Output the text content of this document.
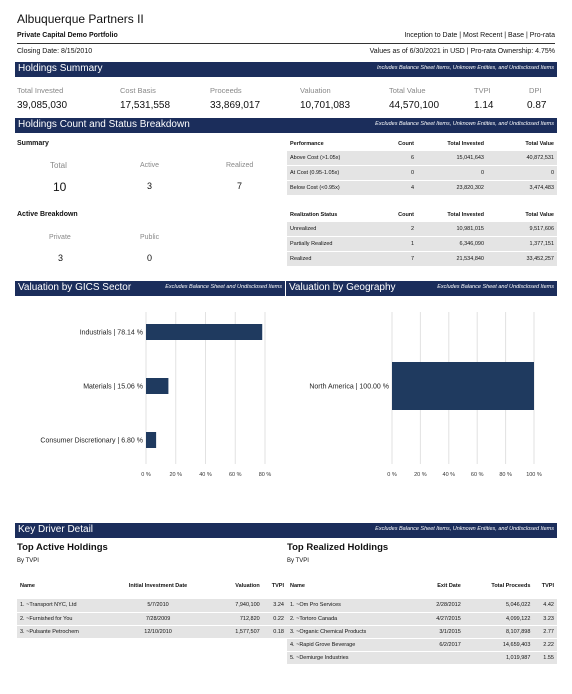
Albuquerque Partners II
Private Capital Demo Portfolio	Inception to Date | Most Recent | Base | Pro-rata
Closing Date: 8/15/2010	Values as of 6/30/2021 in USD | Pro-rata Ownership: 4.75%
Holdings Summary	Includes Balance Sheet Items, Unknown Entities, and Undisclosed Items
Total Invested
39,085,030
Cost Basis
17,531,558
Proceeds
33,869,017
Valuation
10,701,083
Total Value
44,570,100
TVPI
1.14
DPI
0.87
Holdings Count and Status Breakdown	Excludes Balance Sheet Items, Unknown Entities, and Undisclosed Items
Summary
Total
10
Active
3
Realized
7
Active Breakdown
Private
3
Public
0
Performance	Count	Total Invested	Total Value
Above Cost (>1.05x)	6	15,041,643	40,872,531
At Cost (0.95-1.05x)	0	0	0
Below Cost (<0.95x)	4	23,820,302	3,474,483
Realization Status	Count	Total Invested	Total Value
Unrealized	2	10,981,015	9,517,606
Partially Realized	1	6,346,090	1,377,151
Realized	7	21,534,840	33,452,257
Valuation by GICS Sector	Excludes Balance Sheet and Undisclosed Items Valuation by Geography	Excludes Balance Sheet and Undisclosed Items
0 %	20 %	40 %	60 %	80 %
Industrials | 78.14 %
Materials | 15.06 %
Consumer Discretionary | 6.80 %
0 %	20 %	40 %	60 %	80 %	100 %
North America | 100.00 %
Key Driver Detail	Excludes Balance Sheet Items, Unknown Entities, and Undisclosed Items
Top Active Holdings
By TVPI
Top Realized Holdings
By TVPI
Name	Initial Investment Date	Valuation	TVPI
1. ~Transport NYC, Ltd	5/7/2010	7,940,100	3.24
2. ~Furnished for You	7/28/2009	712,820	0.22
3. ~Pulsante Petrochem	12/10/2010	1,577,507	0.18
Name	Exit Date	Total Proceeds	TVPI
1. ~Om Pro Services	2/28/2012	5,046,022	4.42
2. ~Tortoro Canada	4/27/2015	4,099,122	3.23
3. ~Organic Chemical Products	3/1/2015	8,107,898	2.77
4. ~Rapid Grove Beverage	6/2/2017	14,659,403	2.22
5. ~Demiurge Industries		1,019,987	1.55
